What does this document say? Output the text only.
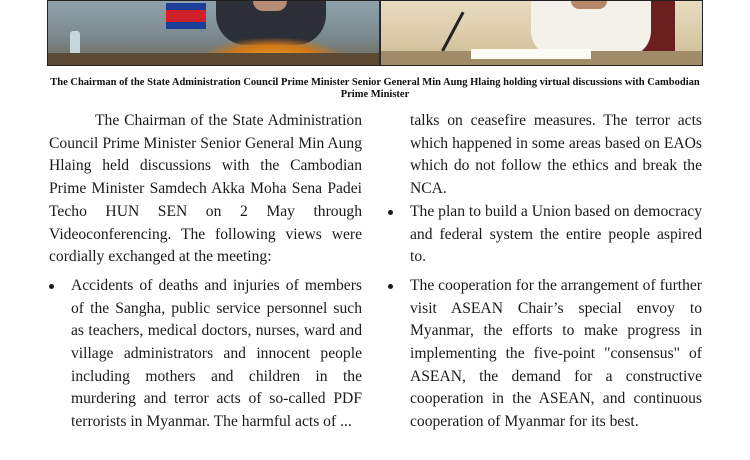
The Chairman of the State Administration Council Prime Minister Senior General Min Aung Hlaing holding virtual discussions with Cambodian Prime Minister

The Chairman of the State Administration Council Prime Minister Senior General Min Aung Hlaing held discussions with the Cambodian Prime Minister Samdech Akka Moha Sena Padei Techo HUN SEN on 2 May through Videoconferencing. The following views were cordially exchanged at the meeting:

Accidents of deaths and injuries of members of the Sangha, public service personnel such as teachers, medical doctors, nurses, ward and village administrators and innocent people including mothers and children in the murdering and terror acts of so-called PDF terrorists in Myanmar. The harmful acts of ...

talks on ceasefire measures. The terror acts which happened in some areas based on EAOs which do not follow the ethics and break the NCA.

The plan to build a Union based on democracy and federal system the entire people aspired to.
The cooperation for the arrangement of further visit ASEAN Chair’s special envoy to Myanmar, the efforts to make progress in implementing the five-point "consensus" of ASEAN, the demand for a constructive cooperation in the ASEAN, and continuous cooperation of Myanmar for its best.
